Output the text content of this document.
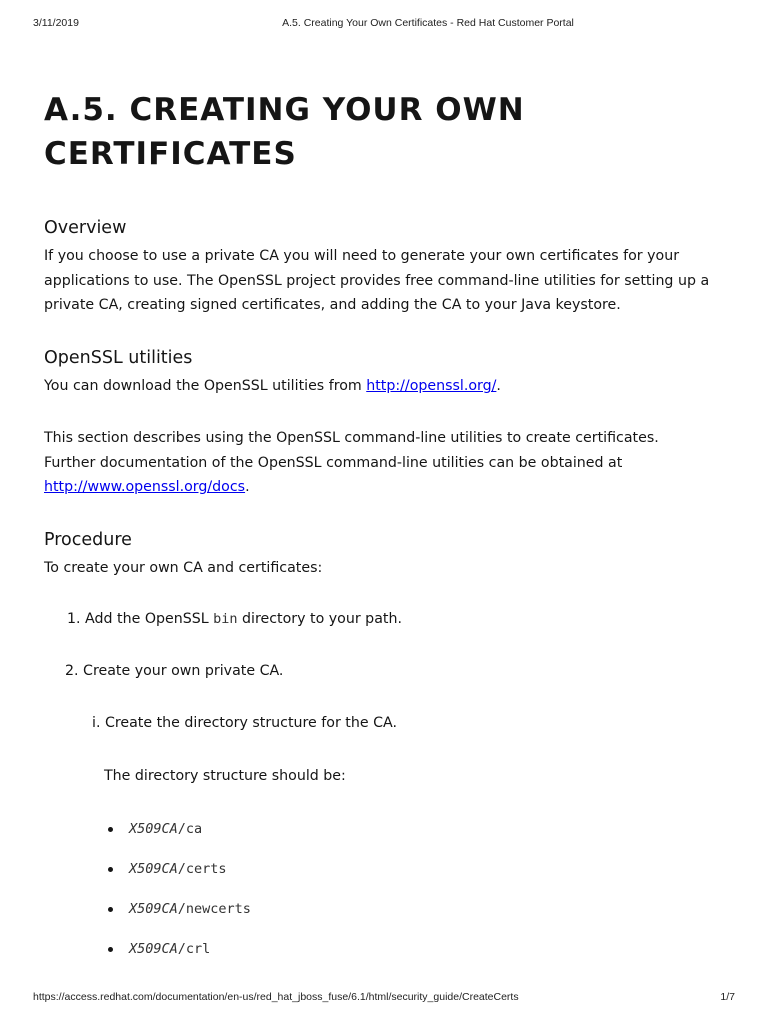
3/11/2019	A.5. Creating Your Own Certificates - Red Hat Customer Portal
A.5. CREATING YOUR OWN CERTIFICATES
Overview

If you choose to use a private CA you will need to generate your own certificates for your applications to use. The OpenSSL project provides free command-line utilities for setting up a private CA, creating signed certificates, and adding the CA to your Java keystore.

OpenSSL utilities

You can download the OpenSSL utilities from http://openssl.org/.

This section describes using the OpenSSL command-line utilities to create certificates. Further documentation of the OpenSSL command-line utilities can be obtained at http://www.openssl.org/docs.

Procedure

To create your own CA and certificates:

1. Add the OpenSSL bin directory to your path.
2. Create your own private CA.
i. Create the directory structure for the CA.
The directory structure should be:
X509CA/ca
X509CA/certs
X509CA/newcerts
X509CA/crl
https://access.redhat.com/documentation/en-us/red_hat_jboss_fuse/6.1/html/security_guide/CreateCerts	1/7
